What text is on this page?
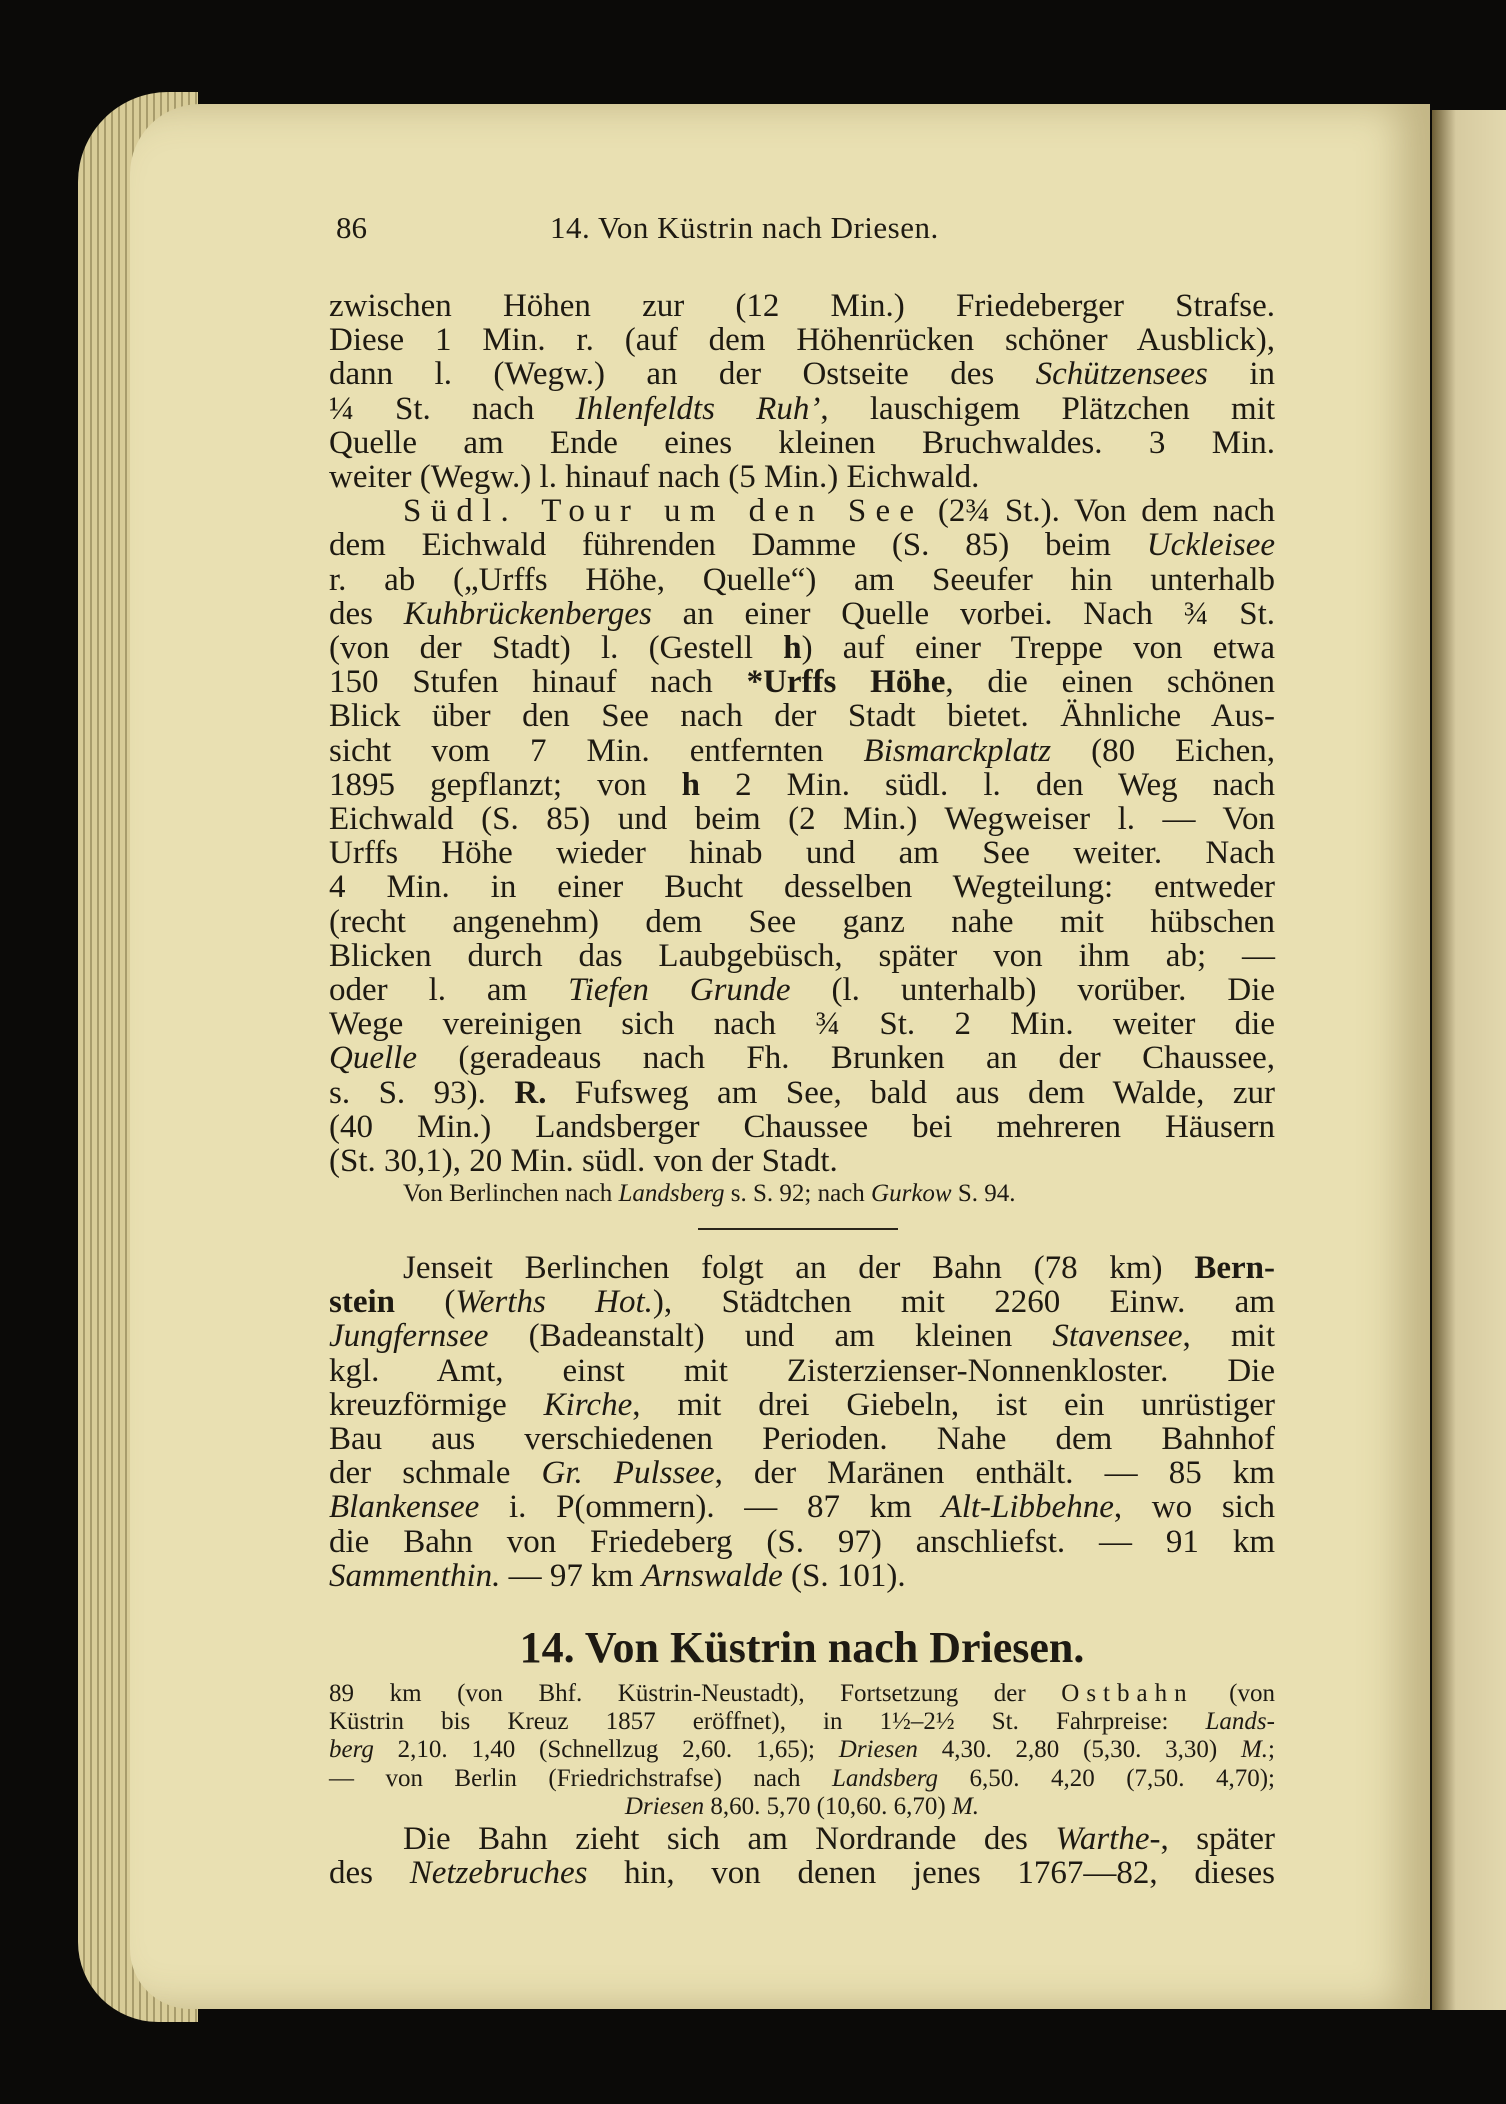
86	14. Von Küstrin nach Driesen.
zwischen Höhen zur (12 Min.) Friedeberger Strafse.
Diese 1 Min. r. (auf dem Höhenrücken schöner Ausblick),
dann l. (Wegw.) an der Ostseite des Schützensees in
¼ St. nach Ihlenfeldts Ruh’, lauschigem Plätzchen mit
Quelle am Ende eines kleinen Bruchwaldes. 3 Min.
weiter (Wegw.) l. hinauf nach (5 Min.) Eichwald.
Südl. Tour um den See (2¾ St.). Von dem nach
dem Eichwald führenden Damme (S. 85) beim Uckleisee
r. ab („Urffs Höhe, Quelle“) am Seeufer hin unterhalb
des Kuhbrückenberges an einer Quelle vorbei. Nach ¾ St.
(von der Stadt) l. (Gestell h) auf einer Treppe von etwa
150 Stufen hinauf nach *Urffs Höhe, die einen schönen
Blick über den See nach der Stadt bietet. Ähnliche Aus-
sicht vom 7 Min. entfernten Bismarckplatz (80 Eichen,
1895 gepflanzt; von h 2 Min. südl. l. den Weg nach
Eichwald (S. 85) und beim (2 Min.) Wegweiser l. — Von
Urffs Höhe wieder hinab und am See weiter. Nach
4 Min. in einer Bucht desselben Wegteilung: entweder
(recht angenehm) dem See ganz nahe mit hübschen
Blicken durch das Laubgebüsch, später von ihm ab; —
oder l. am Tiefen Grunde (l. unterhalb) vorüber. Die
Wege vereinigen sich nach ¾ St. 2 Min. weiter die
Quelle (geradeaus nach Fh. Brunken an der Chaussee,
s. S. 93). R. Fufsweg am See, bald aus dem Walde, zur
(40 Min.) Landsberger Chaussee bei mehreren Häusern
(St. 30,1), 20 Min. südl. von der Stadt.
Von Berlinchen nach Landsberg s. S. 92; nach Gurkow S. 94.
Jenseit Berlinchen folgt an der Bahn (78 km) Bern-
stein (Werths Hot.), Städtchen mit 2260 Einw. am
Jungfernsee (Badeanstalt) und am kleinen Stavensee, mit
kgl. Amt, einst mit Zisterzienser-Nonnenkloster. Die
kreuzförmige Kirche, mit drei Giebeln, ist ein unrüstiger
Bau aus verschiedenen Perioden. Nahe dem Bahnhof
der schmale Gr. Pulssee, der Maränen enthält. — 85 km
Blankensee i. P(ommern). — 87 km Alt-Libbehne, wo sich
die Bahn von Friedeberg (S. 97) anschliefst. — 91 km
Sammenthin. — 97 km Arnswalde (S. 101).
14. Von Küstrin nach Driesen.
89 km (von Bhf. Küstrin-Neustadt), Fortsetzung der Ostbahn (von
Küstrin bis Kreuz 1857 eröffnet), in 1½–2½ St. Fahrpreise: Lands-
berg 2,10. 1,40 (Schnellzug 2,60. 1,65); Driesen 4,30. 2,80 (5,30. 3,30) M.;
— von Berlin (Friedrichstrafse) nach Landsberg 6,50. 4,20 (7,50. 4,70);
Driesen 8,60. 5,70 (10,60. 6,70) M.
Die Bahn zieht sich am Nordrande des Warthe-, später
des Netzebruches hin, von denen jenes 1767—82, dieses
